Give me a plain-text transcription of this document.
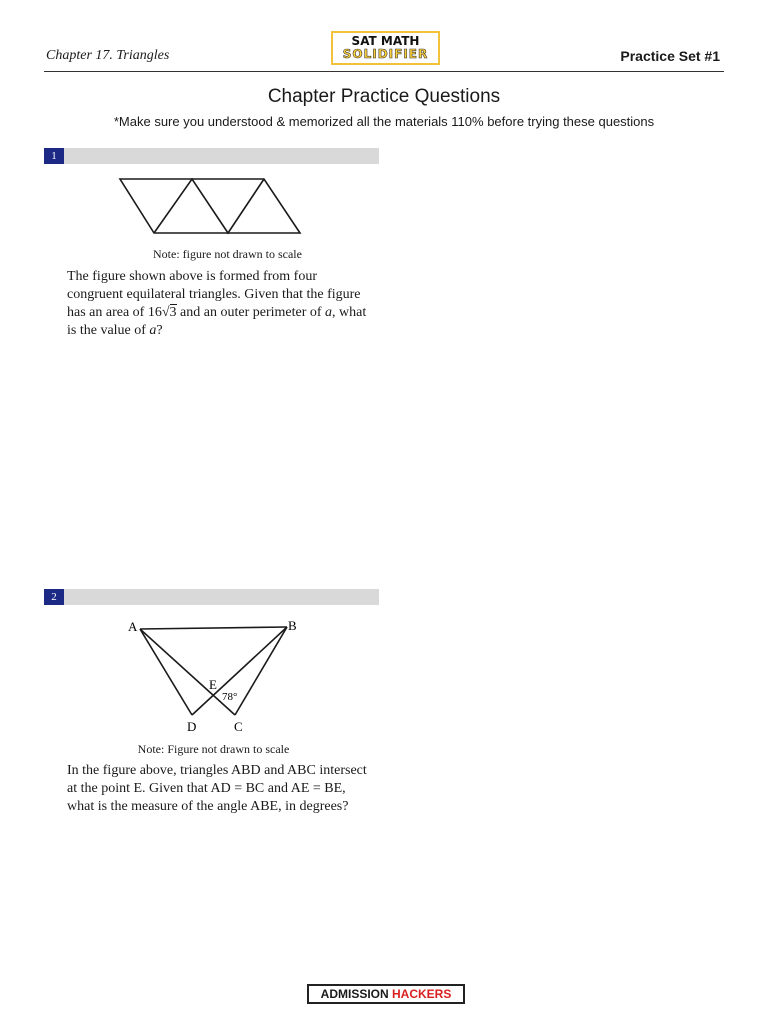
Chapter 17. Triangles
SAT MATH
SOLIDIFIER	Practice Set #1
Chapter Practice Questions
*Make sure you understood & memorized all the materials 110% before trying these questions
1
Note: figure not drawn to scale
The figure shown above is formed from four congruent equilateral triangles. Given that the figure has an area of 16√3 and an outer perimeter of a, what is the value of a?
2
A	B
D	C
E
78°
Note: Figure not drawn to scale
In the figure above, triangles ABD and ABC intersect at the point E. Given that AD = BC and AE = BE, what is the measure of the angle ABE, in degrees?
ADMISSION HACKERS
